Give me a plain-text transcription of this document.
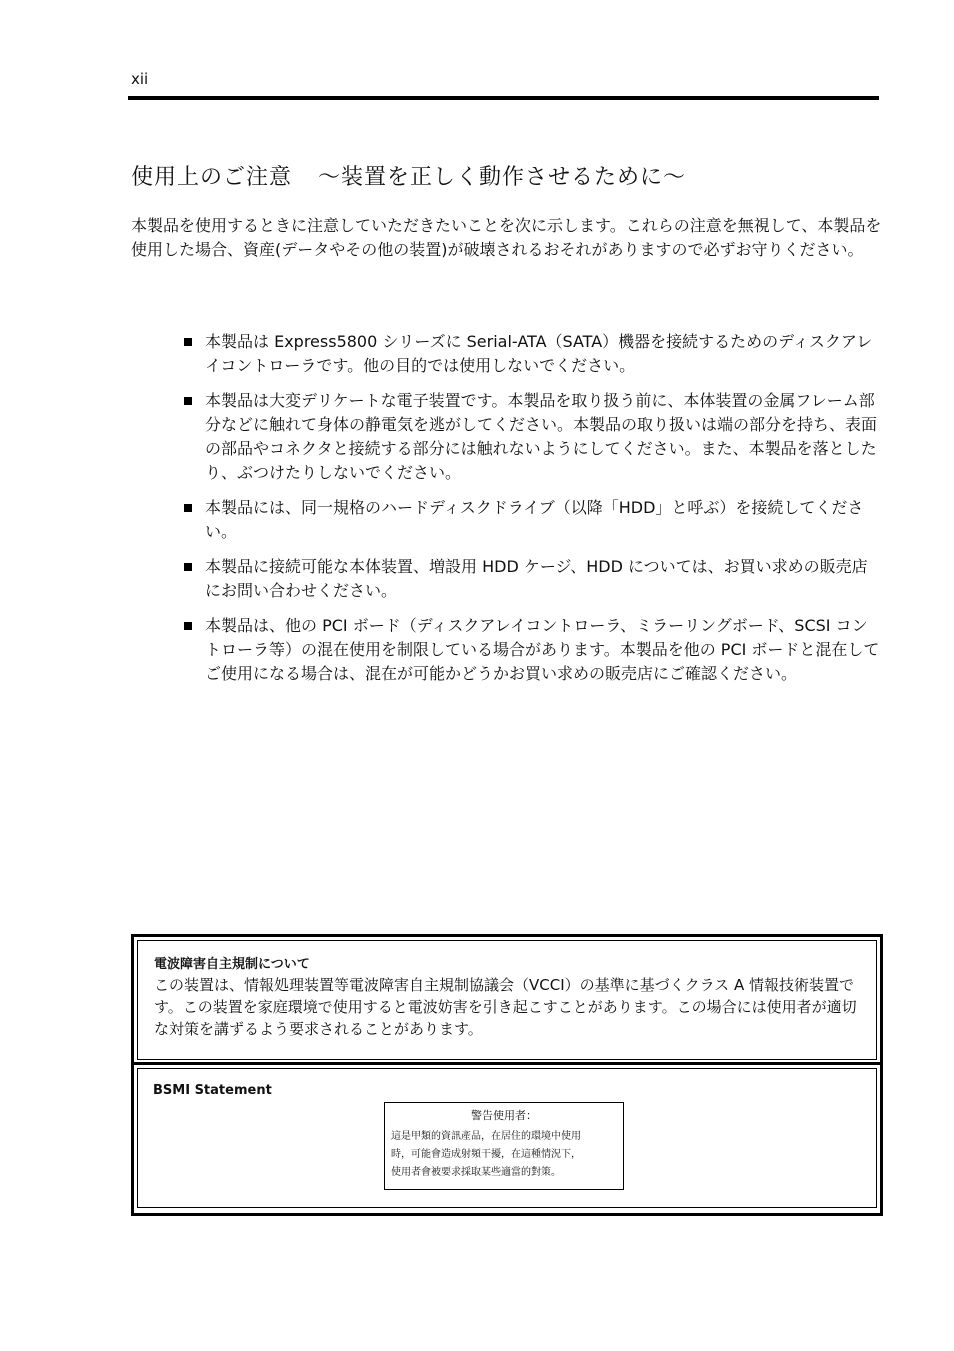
xii
使用上のご注意 ～装置を正しく動作させるために～
本製品を使用するときに注意していただきたいことを次に示します。これらの注意を無視して、本製品を使用した場合、資産(データやその他の装置)が破壊されるおそれがありますので必ずお守りください。
本製品は Express5800 シリーズに Serial-ATA（SATA）機器を接続するためのディスクアレイコントローラです。他の目的では使用しないでください。
本製品は大変デリケートな電子装置です。本製品を取り扱う前に、本体装置の金属フレーム部分などに触れて身体の静電気を逃がしてください。本製品の取り扱いは端の部分を持ち、表面の部品やコネクタと接続する部分には触れないようにしてください。また、本製品を落としたり、ぶつけたりしないでください。
本製品には、同一規格のハードディスクドライブ（以降「HDD」と呼ぶ）を接続してください。
本製品に接続可能な本体装置、増設用 HDD ケージ、HDD については、お買い求めの販売店にお問い合わせください。
本製品は、他の PCI ボード（ディスクアレイコントローラ、ミラーリングボード、SCSI コントローラ等）の混在使用を制限している場合があります。本製品を他の PCI ボードと混在してご使用になる場合は、混在が可能かどうかお買い求めの販売店にご確認ください。
電波障害自主規制について
この装置は、情報処理装置等電波障害自主規制協議会（VCCI）の基準に基づくクラス A 情報技術装置です。この装置を家庭環境で使用すると電波妨害を引き起こすことがあります。この場合には使用者が適切な対策を講ずるよう要求されることがあります。
BSMI Statement
警告使用者：
這是甲類的資訊產品，在居住的環境中使用
時，可能會造成射頻干擾，在這種情況下，
使用者會被要求採取某些適當的對策。
